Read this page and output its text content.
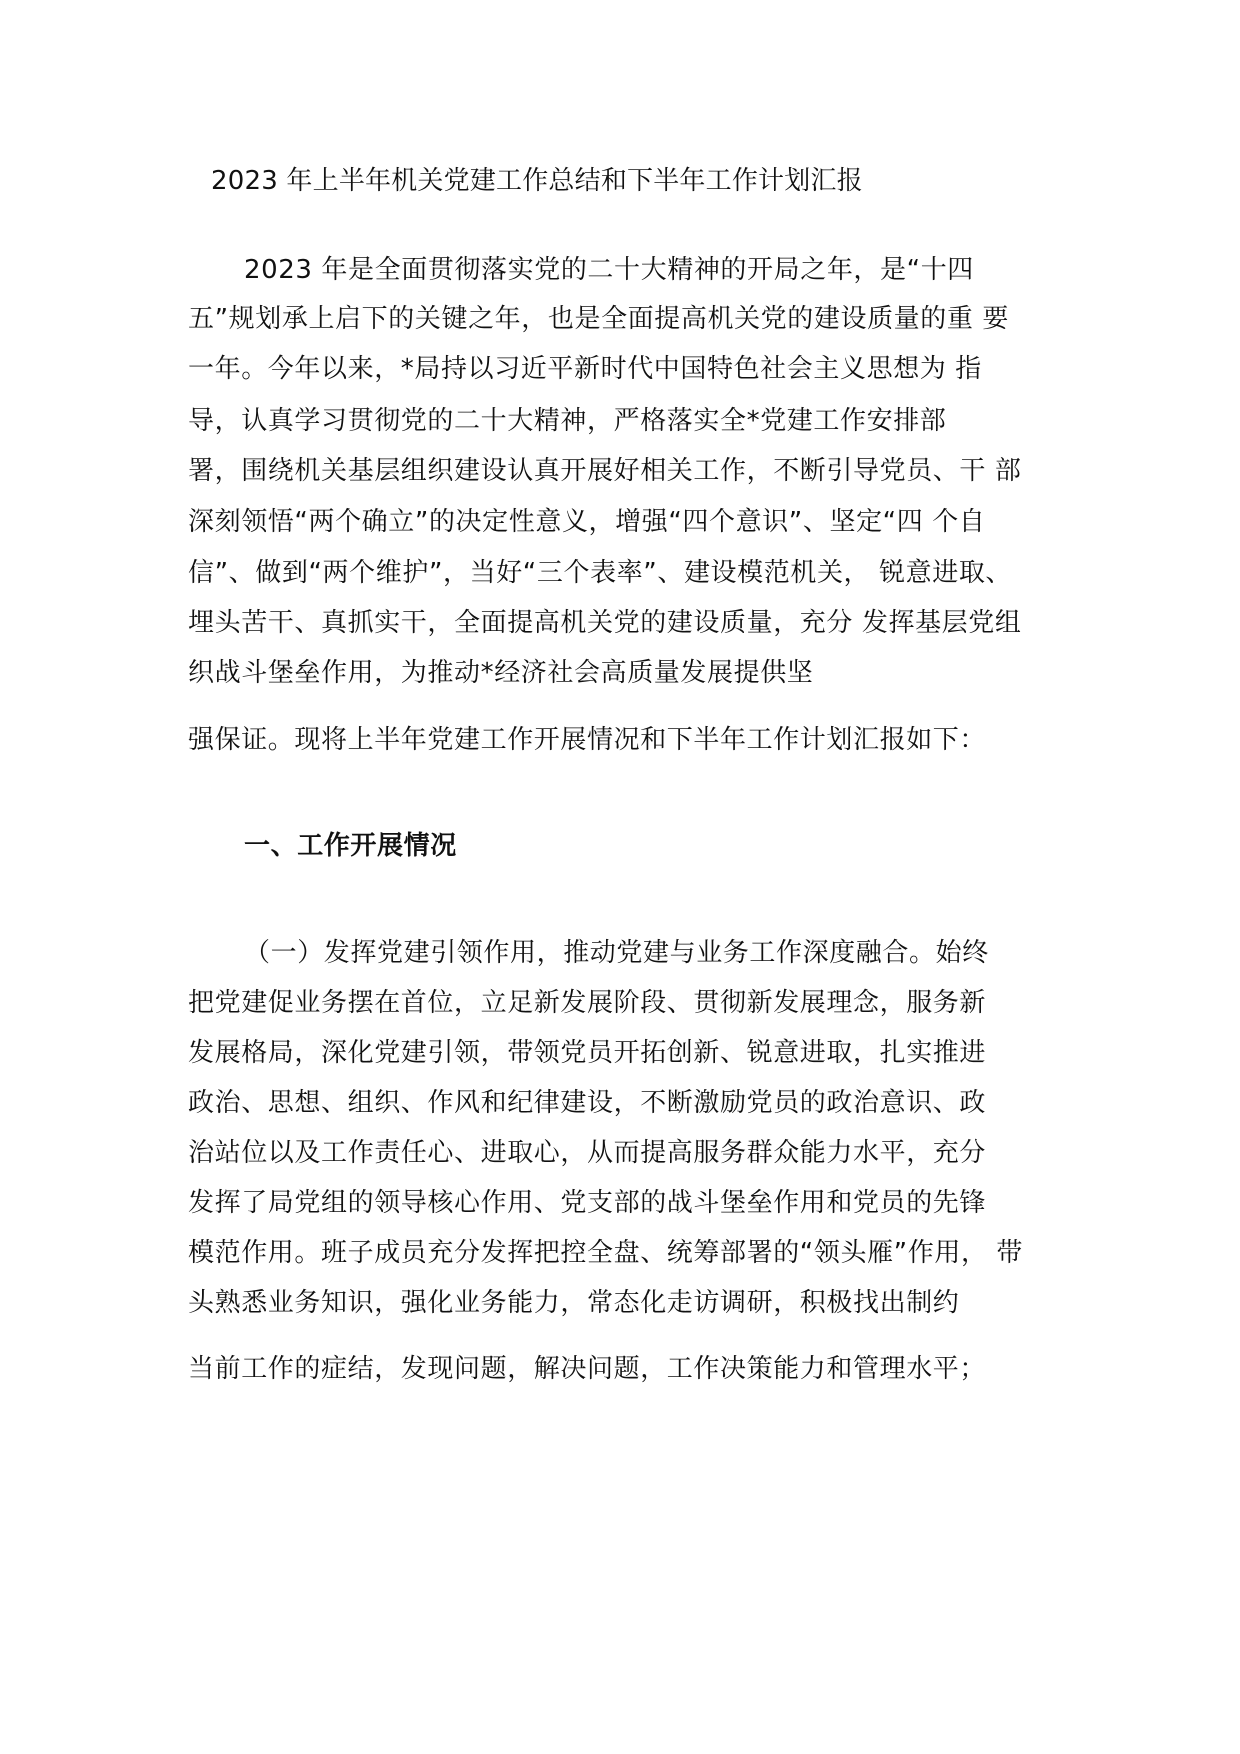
2023 年上半年机关党建工作总结和下半年工作计划汇报
2023 年是全面贯彻落实党的二十大精神的开局之年，是“十四
五”规划承上启下的关键之年，也是全面提高机关党的建设质量的重 要
一年。今年以来，*局持以习近平新时代中国特色社会主义思想为 指
导，认真学习贯彻党的二十大精神，严格落实全*党建工作安排部
署，围绕机关基层组织建设认真开展好相关工作，不断引导党员、干 部
深刻领悟“两个确立”的决定性意义，增强“四个意识”、坚定“四 个自
信”、做到“两个维护”，当好“三个表率”、建设模范机关， 锐意进取、
埋头苦干、真抓实干，全面提高机关党的建设质量，充分 发挥基层党组
织战斗堡垒作用，为推动*经济社会高质量发展提供坚
强保证。现将上半年党建工作开展情况和下半年工作计划汇报如下：
一、工作开展情况
（一）发挥党建引领作用，推动党建与业务工作深度融合。始终
把党建促业务摆在首位，立足新发展阶段、贯彻新发展理念，服务新
发展格局，深化党建引领，带领党员开拓创新、锐意进取，扎实推进
政治、思想、组织、作风和纪律建设，不断激励党员的政治意识、政
治站位以及工作责任心、进取心，从而提高服务群众能力水平，充分
发挥了局党组的领导核心作用、党支部的战斗堡垒作用和党员的先锋
模范作用。班子成员充分发挥把控全盘、统筹部署的“领头雁”作用， 带
头熟悉业务知识，强化业务能力，常态化走访调研，积极找出制约
当前工作的症结，发现问题，解决问题，工作决策能力和管理水平；
